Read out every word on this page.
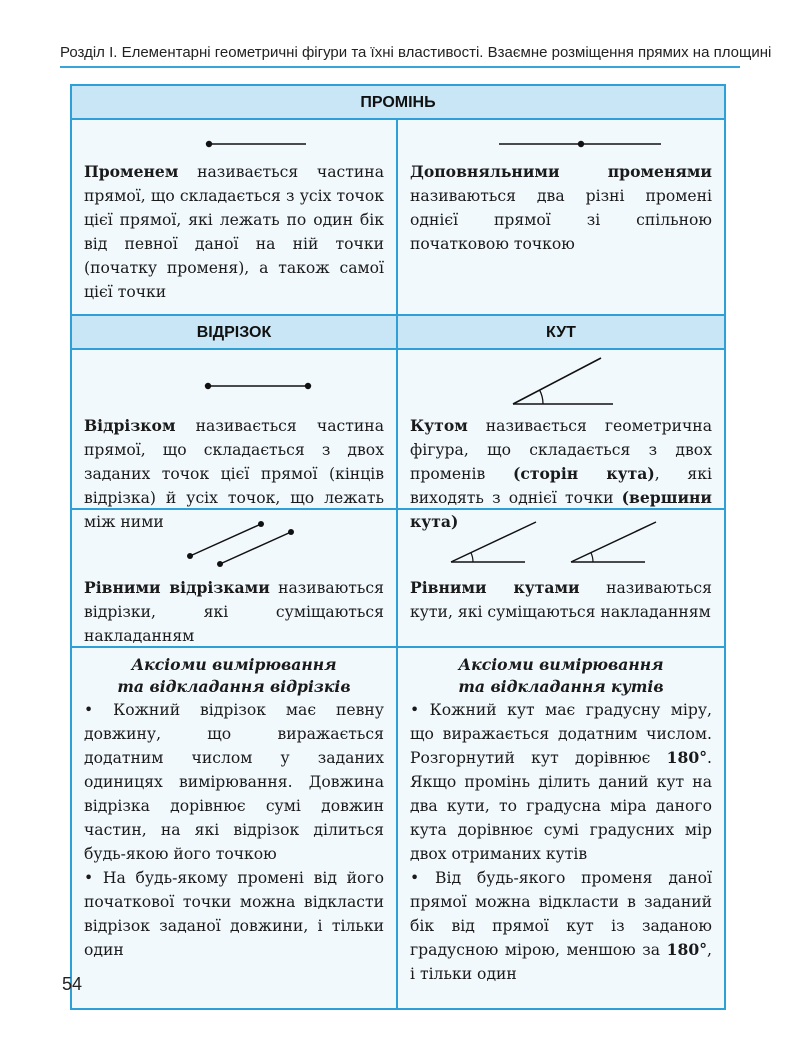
Розділ І. Елементарні геометричні фігури та їхні властивості. Взаємне розміщення прямих на площині
ПРОМІНЬ
Променем називається частина прямої, що складається з усіх точок цієї прямої, які лежать по один бік від певної даної на ній точки (початку променя), а також самої цієї точки
Доповняльними променями називаються два різні промені однієї прямої зі спільною початковою точкою
ВІДРІЗОК	КУТ
Відрізком називається частина прямої, що складається з двох заданих точок цієї прямої (кінців відрізка) й усіх точок, що лежать між ними
Кутом називається геометрична фігура, що складається з двох променів (сторін кута), які виходять з однієї точки (вершини кута)
Рівними відрізками називаються відрізки, які суміщаються накладанням
Рівними кутами називаються кути, які суміщаються накладанням
Аксіоми вимірювання
та відкладання відрізків
• Кожний відрізок має певну довжину, що виражається додатним числом у заданих одиницях вимірювання. Довжина відрізка дорівнює сумі довжин частин, на які відрізок ділиться будь-якою його точкою
• На будь-якому промені від його початкової точки можна відкласти відрізок заданої довжини, і тільки один
Аксіоми вимірювання
та відкладання кутів
• Кожний кут має градусну міру, що виражається додатним числом. Розгорнутий кут дорівнює 180°. Якщо промінь ділить даний кут на два кути, то градусна міра даного кута дорівнює сумі градусних мір двох отриманих кутів
• Від будь-якого променя даної прямої можна відкласти в заданий бік від прямої кут із заданою градусною мірою, меншою за 180°, і тільки один
54
